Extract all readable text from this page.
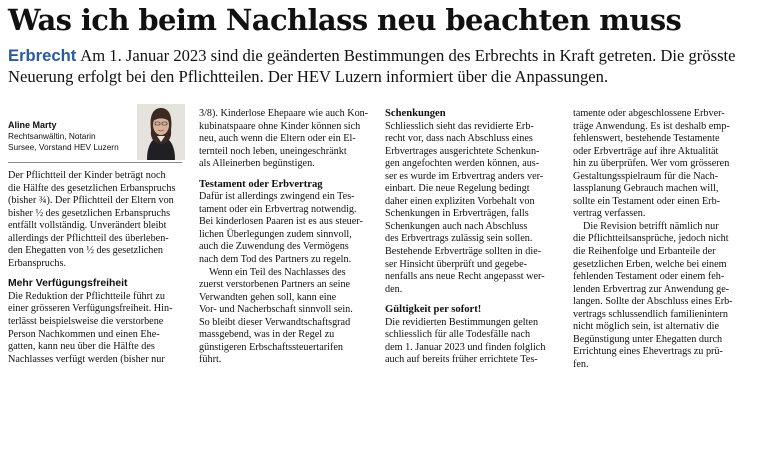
Was ich beim Nachlass neu beachten muss
Erbrecht Am 1. Januar 2023 sind die geänderten Bestimmungen des Erbrechts in Kraft getreten. Die grösste Neuerung erfolgt bei den Pflichtteilen. Der HEV Luzern informiert über die Anpassungen.
Aline Marty
Rechtsanwältin, Notarin
Sursee, Vorstand HEV Luzern
Der Pflichtteil der Kinder beträgt noch
die Hälfte des gesetzlichen Erbanspruchs
(bisher ¾). Der Pflichtteil der Eltern von
bisher ½ des gesetzlichen Erbanspruchs
entfällt vollständig. Unverändert bleibt
allerdings der Pflichtteil des überleben-
den Ehegatten von ½ des gesetzlichen
Erbanspruchs.
Mehr Verfügungsfreiheit
Die Reduktion der Pflichtteile führt zu
einer grösseren Verfügungsfreiheit. Hin-
terlässt beispielsweise die verstorbene
Person Nachkommen und einen Ehe-
gatten, kann neu über die Hälfte des
Nachlasses verfügt werden (bisher nur
3/8). Kinderlose Ehepaare wie auch Kon-
kubinatspaare ohne Kinder können sich
neu, auch wenn die Eltern oder ein El-
ternteil noch leben, uneingeschränkt
als Alleinerben begünstigen.
Testament oder Erbvertrag
Dafür ist allerdings zwingend ein Tes-
tament oder ein Erbvertrag notwendig.
Bei kinderlosen Paaren ist es aus steuer-
lichen Überlegungen zudem sinnvoll,
auch die Zuwendung des Vermögens
nach dem Tod des Partners zu regeln.
Wenn ein Teil des Nachlasses des
zuerst verstorbenen Partners an seine
Verwandten gehen soll, kann eine
Vor- und Nacherbschaft sinnvoll sein.
So bleibt dieser Verwandtschaftsgrad
massgebend, was in der Regel zu
günstigeren Erbschaftssteuertarifen
führt.
Schenkungen
Schliesslich sieht das revidierte Erb-
recht vor, dass nach Abschluss eines
Erbvertrages ausgerichtete Schenkun-
gen angefochten werden können, aus-
ser es wurde im Erbvertrag anders ver-
einbart. Die neue Regelung bedingt
daher einen expliziten Vorbehalt von
Schenkungen in Erbverträgen, falls
Schenkungen auch nach Abschluss
des Erbvertrags zulässig sein sollen.
Bestehende Erbverträge sollten in die-
ser Hinsicht überprüft und gegebe-
nenfalls ans neue Recht angepasst wer-
den.
Gültigkeit per sofort!
Die revidierten Bestimmungen gelten
schliesslich für alle Todesfälle nach
dem 1. Januar 2023 und finden folglich
auch auf bereits früher errichtete Tes-
tamente oder abgeschlossene Erbver-
träge Anwendung. Es ist deshalb emp-
fehlenswert, bestehende Testamente
oder Erbverträge auf ihre Aktualität
hin zu überprüfen. Wer vom grösseren
Gestaltungsspielraum für die Nach-
lassplanung Gebrauch machen will,
sollte ein Testament oder einen Erb-
vertrag verfassen.
Die Revision betrifft nämlich nur
die Pflichtteilsansprüche, jedoch nicht
die Reihenfolge und Erbanteile der
gesetzlichen Erben, welche bei einem
fehlenden Testament oder einem feh-
lenden Erbvertrag zur Anwendung ge-
langen. Sollte der Abschluss eines Erb-
vertrags schlussendlich familienintern
nicht möglich sein, ist alternativ die
Begünstigung unter Ehegatten durch
Errichtung eines Ehevertrags zu prü-
fen.
